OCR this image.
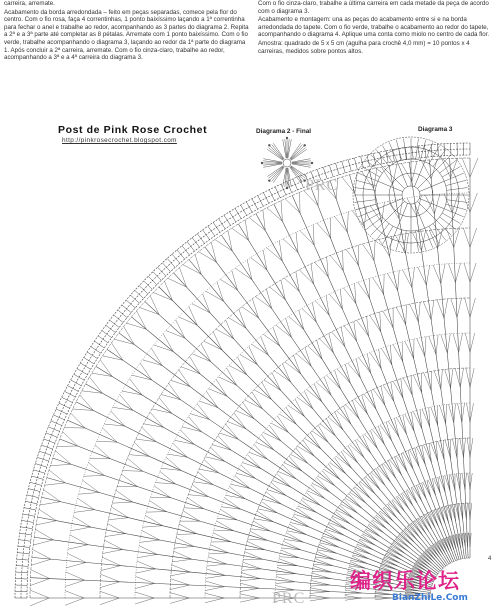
carreira, arremate.

Acabamento da borda arredondada – feito em peças separadas, comece pela flor do centro. Com o fio rosa, faça 4 correntinhas, 1 ponto baixíssimo laçando a 1ª correntinha para fechar o anel e trabalhe ao redor, acompanhando as 3 partes do diagrama 2. Repita a 2ª e a 3ª parte até completar as 8 pétalas. Arremate com 1 ponto baixíssimo. Com o fio verde, trabalhe acompanhando o diagrama 3, laçando ao redor da 1ª parte do diagrama 1. Após concluir a 2ª carreira, arremate. Com o fio cinza-claro, trabalhe ao redor, acompanhando a 3ª e a 4ª carreira do diagrama 3.

Com o fio cinza-claro, trabalhe a última carreira em cada metade da peça de acordo com o diagrama 3.

Acabamento e montagem: una as peças do acabamento entre si e na borda arredondada do tapete. Com o fio verde, trabalhe o acabamento ao redor do tapete, acompanhando o diagrama 4. Aplique uma conta como miolo no centro de cada flor.

Amostra: quadrado de 5 x 5 cm (agulha para crochê 4,0 mm) = 10 pontos x 4 carreiras, medidos sobre pontos altos.

Post de Pink Rose Crochet
http://pinkrosecrochet.blogspot.com
Diagrama 2 - Final	Diagrama 3
PRC
PRC
4
编织乐论坛
BianZhiLe.Com
